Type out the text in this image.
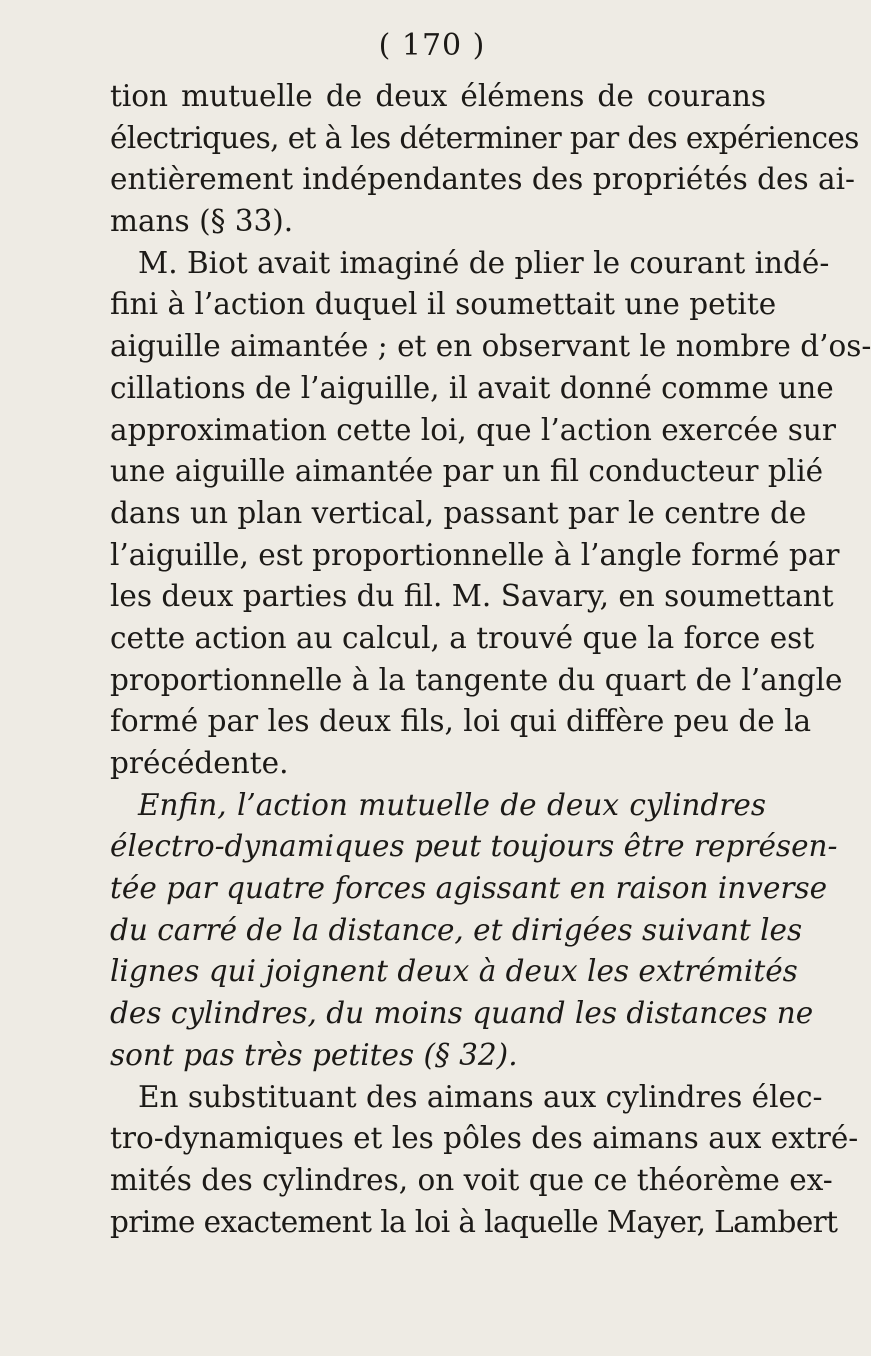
( 170 )

tion mutuelle de deux élémens de courans
électriques, et à les déterminer par des expériences
entièrement indépendantes des propriétés des ai-
mans (§ 33).
M. Biot avait imaginé de plier le courant indé-
fini à l’action duquel il soumettait une petite
aiguille aimantée ; et en observant le nombre d’os-
cillations de l’aiguille, il avait donné comme une
approximation cette loi, que l’action exercée sur
une aiguille aimantée par un fil conducteur plié
dans un plan vertical, passant par le centre de
l’aiguille, est proportionnelle à l’angle formé par
les deux parties du fil. M. Savary, en soumettant
cette action au calcul, a trouvé que la force est
proportionnelle à la tangente du quart de l’angle
formé par les deux fils, loi qui diffère peu de la
précédente.
Enfin, l’action mutuelle de deux cylindres
électro-dynamiques peut toujours être représen-
tée par quatre forces agissant en raison inverse
du carré de la distance, et dirigées suivant les
lignes qui joignent deux à deux les extrémités
des cylindres, du moins quand les distances ne
sont pas très petites (§ 32).
En substituant des aimans aux cylindres élec-
tro-dynamiques et les pôles des aimans aux extré-
mités des cylindres, on voit que ce théorème ex-
prime exactement la loi à laquelle Mayer, Lambert
